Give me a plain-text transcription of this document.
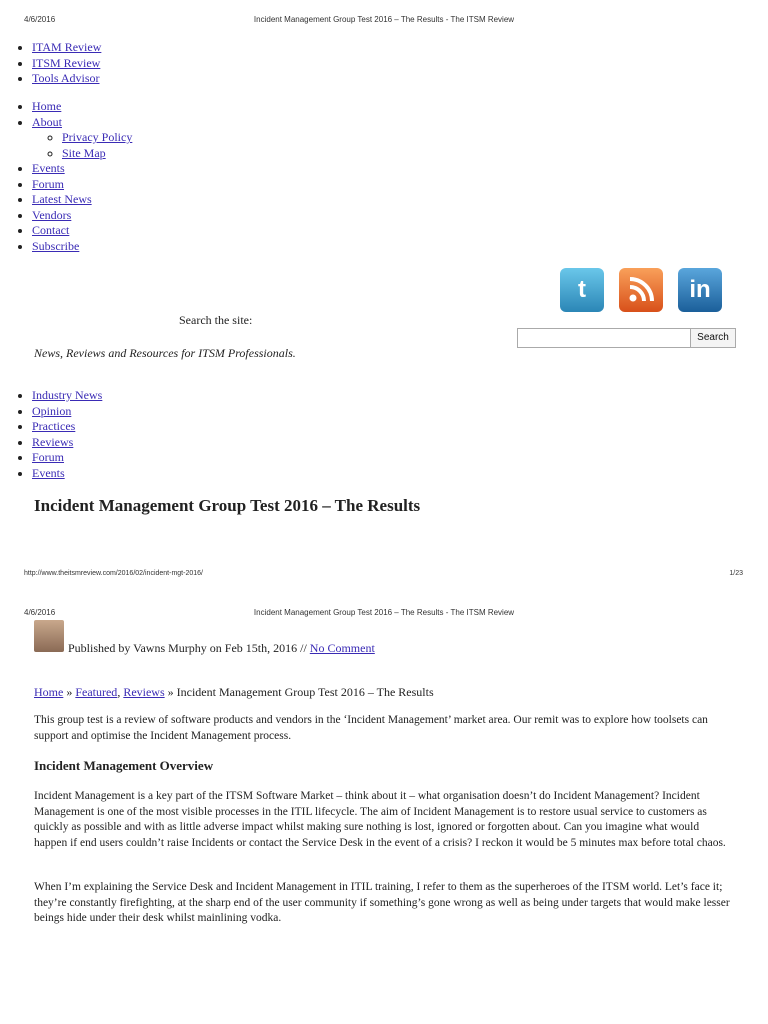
4/6/2016	Incident Management Group Test 2016 – The Results - The ITSM Review
• ITAM Review
• ITSM Review
• Tools Advisor
• Home
• About
◦ Privacy Policy
◦ Site Map
• Events
• Forum
• Latest News
• Vendors
• Contact
• Subscribe
t	in
Search the site:
Search
News, Reviews and Resources for ITSM Professionals.
• Industry News
• Opinion
• Practices
• Reviews
• Forum
• Events
Incident Management Group Test 2016 – The Results
http://www.theitsmreview.com/2016/02/incident-mgt-2016/	1/23
4/6/2016	Incident Management Group Test 2016 – The Results - The ITSM Review
Published by Vawns Murphy on Feb 15th, 2016 // No Comment
Home » Featured, Reviews » Incident Management Group Test 2016 – The Results
This group test is a review of software products and vendors in the ‘Incident Management’ market area. Our remit was to explore how toolsets can support and optimise the Incident Management process.
Incident Management Overview
Incident Management is a key part of the ITSM Software Market – think about it – what organisation doesn’t do Incident Management? Incident Management is one of the most visible processes in the ITIL lifecycle. The aim of Incident Management is to restore usual service to customers as quickly as possible and with as little adverse impact whilst making sure nothing is lost, ignored or forgotten about. Can you imagine what would happen if end users couldn’t raise Incidents or contact the Service Desk in the event of a crisis? I reckon it would be 5 minutes max before total chaos.
When I’m explaining the Service Desk and Incident Management in ITIL training, I refer to them as the superheroes of the ITSM world. Let’s face it; they’re constantly firefighting, at the sharp end of the user community if something’s gone wrong as well as being under targets that would make lesser beings hide under their desk whilst mainlining vodka.
